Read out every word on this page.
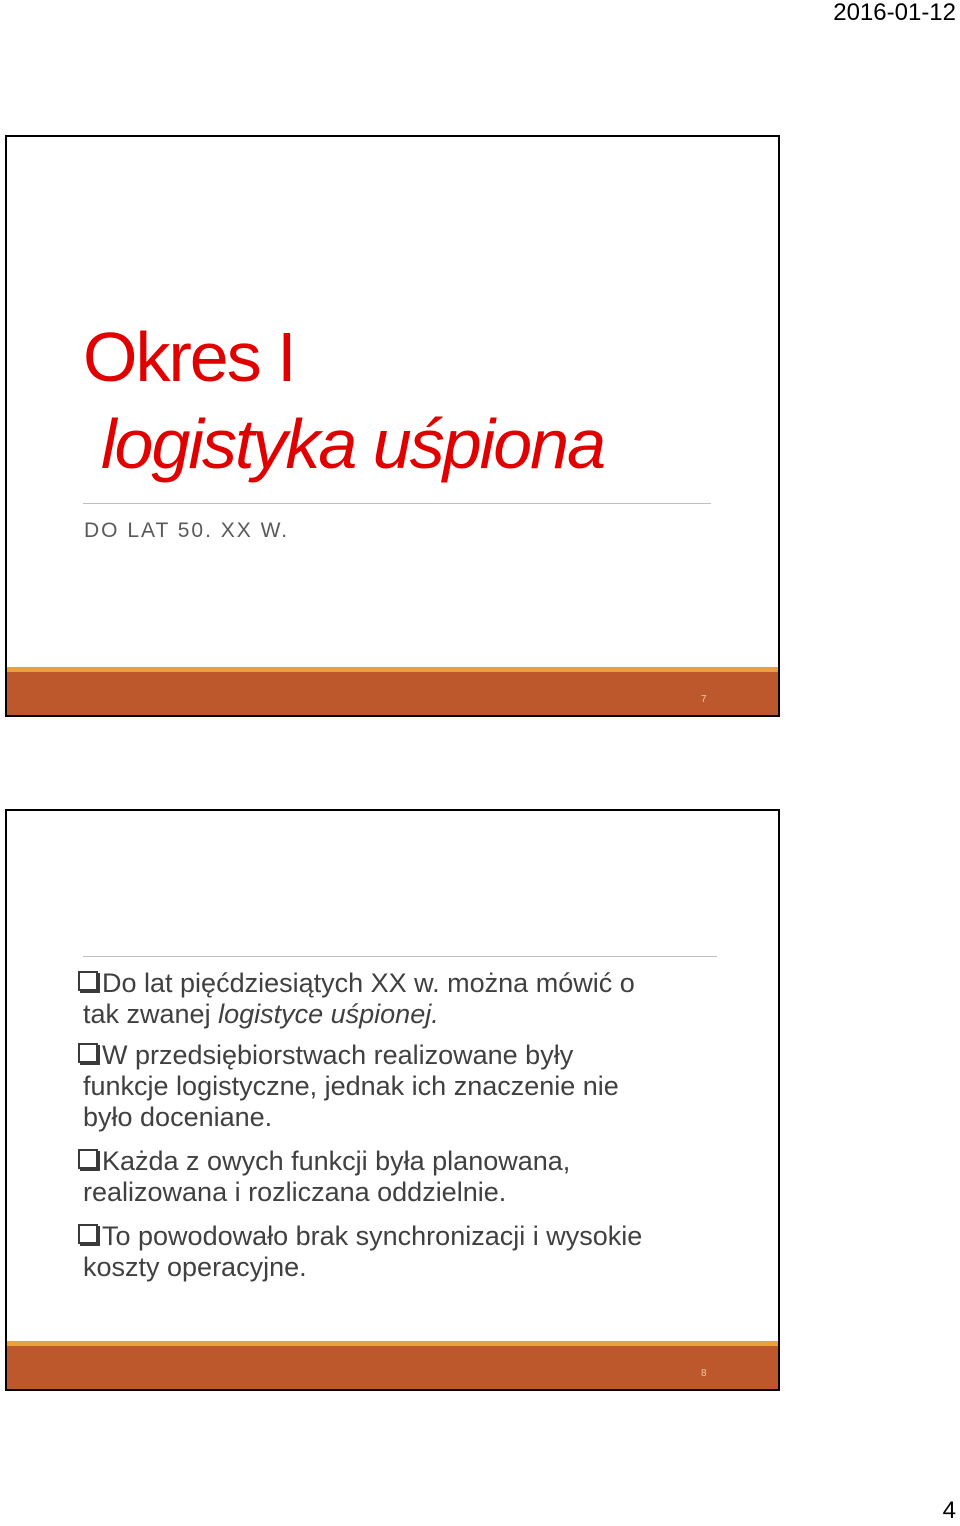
2016-01-12
Okres I
logistyka uśpiona
DO LAT 50. XX W.
7
Do lat pięćdziesiątych XX w. można mówić o
tak zwanej logistyce uśpionej.
W przedsiębiorstwach realizowane były
funkcje logistyczne, jednak ich znaczenie nie
było doceniane.
Każda z owych funkcji była planowana,
realizowana i rozliczana oddzielnie.
To powodowało brak synchronizacji i wysokie
koszty operacyjne.
8
4
